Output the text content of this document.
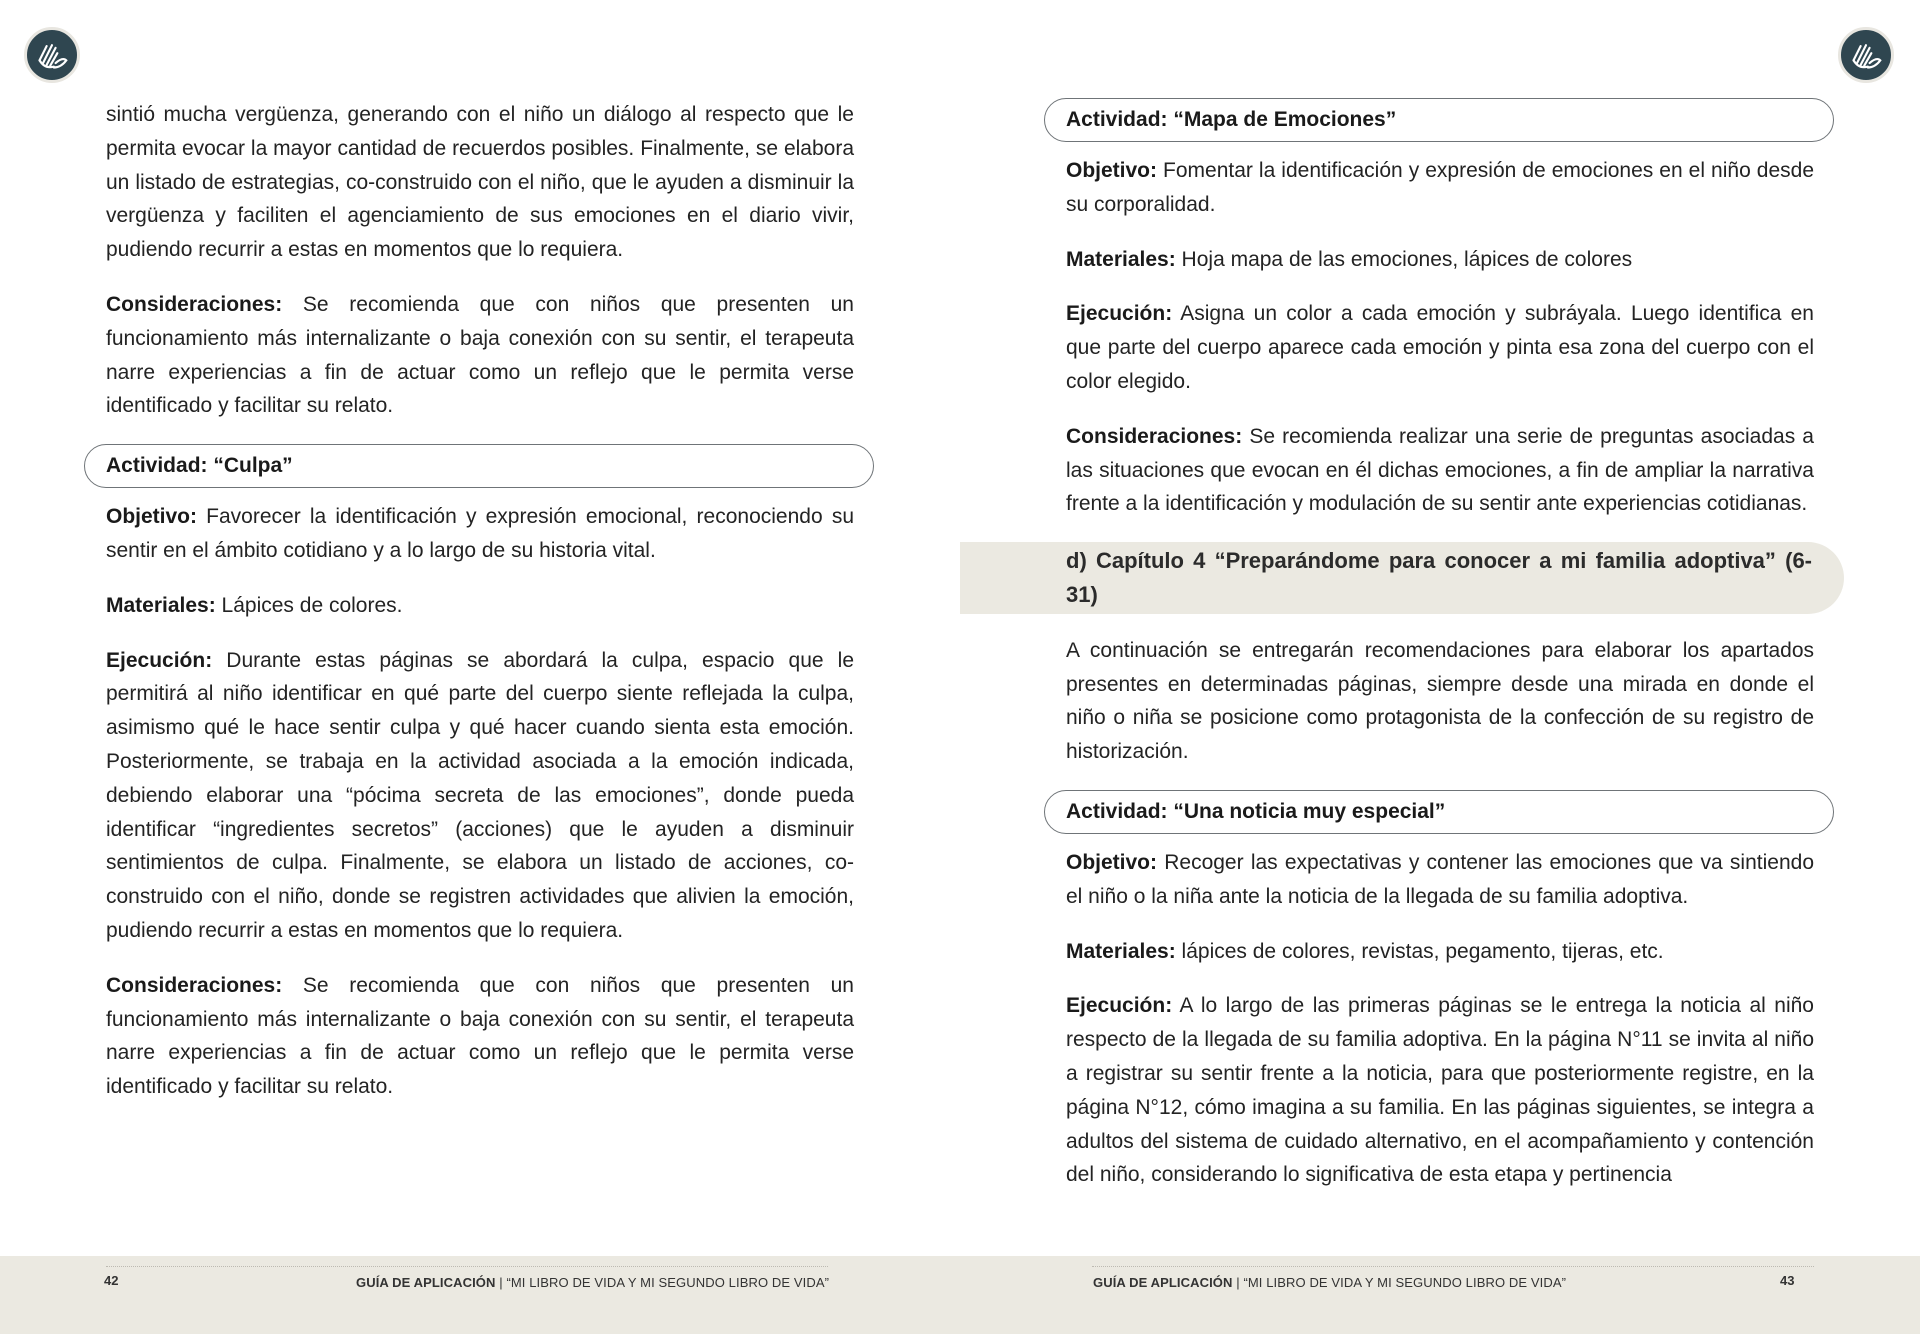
sintió mucha vergüenza, generando con el niño un diálogo al respecto que le permita evocar la mayor cantidad de recuerdos posibles. Finalmente, se elabora un listado de estrategias, co-construido con el niño, que le ayuden a disminuir la vergüenza y faciliten el agenciamiento de sus emociones en el diario vivir, pudiendo recurrir a estas en momentos que lo requiera.

Consideraciones: Se recomienda que con niños que presenten un funcionamiento más internalizante o baja conexión con su sentir, el terapeuta narre experiencias a fin de actuar como un reflejo que le permita verse identificado y facilitar su relato.

Actividad: “Culpa”

Objetivo: Favorecer la identificación y expresión emocional, reconociendo su sentir en el ámbito cotidiano y a lo largo de su historia vital.

Materiales: Lápices de colores.

Ejecución: Durante estas páginas se abordará la culpa, espacio que le permitirá al niño identificar en qué parte del cuerpo siente reflejada la culpa, asimismo qué le hace sentir culpa y qué hacer cuando sienta esta emoción. Posteriormente, se trabaja en la actividad asociada a la emoción indicada, debiendo elaborar una “pócima secreta de las emociones”, donde pueda identificar “ingredientes secretos” (acciones) que le ayuden a disminuir sentimientos de culpa. Finalmente, se elabora un listado de acciones, co-construido con el niño, donde se registren actividades que alivien la emoción, pudiendo recurrir a estas en momentos que lo requiera.

Consideraciones: Se recomienda que con niños que presenten un funcionamiento más internalizante o baja conexión con su sentir, el terapeuta narre experiencias a fin de actuar como un reflejo que le permita verse identificado y facilitar su relato.

Actividad: “Mapa de Emociones”

Objetivo: Fomentar la identificación y expresión de emociones en el niño desde su corporalidad.

Materiales: Hoja mapa de las emociones, lápices de colores

Ejecución: Asigna un color a cada emoción y subráyala. Luego identifica en que parte del cuerpo aparece cada emoción y pinta esa zona del cuerpo con el color elegido.

Consideraciones: Se recomienda realizar una serie de preguntas asociadas a las situaciones que evocan en él dichas emociones, a fin de ampliar la narrativa frente a la identificación y modulación de su sentir ante experiencias cotidianas.

d) Capítulo 4 “Preparándome para conocer a mi familia adoptiva” (6-31)

A continuación se entregarán recomendaciones para elaborar los apartados presentes en determinadas páginas, siempre desde una mirada en donde el niño o niña se posicione como protagonista de la confección de su registro de historización.

Actividad: “Una noticia muy especial”

Objetivo: Recoger las expectativas y contener las emociones que va sintiendo el niño o la niña ante la noticia de la llegada de su familia adoptiva.

Materiales: lápices de colores, revistas, pegamento, tijeras, etc.

Ejecución: A lo largo de las primeras páginas se le entrega la noticia al niño respecto de la llegada de su familia adoptiva. En la página N°11 se invita al niño a registrar su sentir frente a la noticia, para que posteriormente registre, en la página N°12, cómo imagina a su familia. En las páginas siguientes, se integra a adultos del sistema de cuidado alternativo, en el acompañamiento y contención del niño, considerando lo significativa de esta etapa y pertinencia

42	GUÍA DE APLICACIÓN | “MI LIBRO DE VIDA Y MI SEGUNDO LIBRO DE VIDA”	GUÍA DE APLICACIÓN | “MI LIBRO DE VIDA Y MI SEGUNDO LIBRO DE VIDA”	43
